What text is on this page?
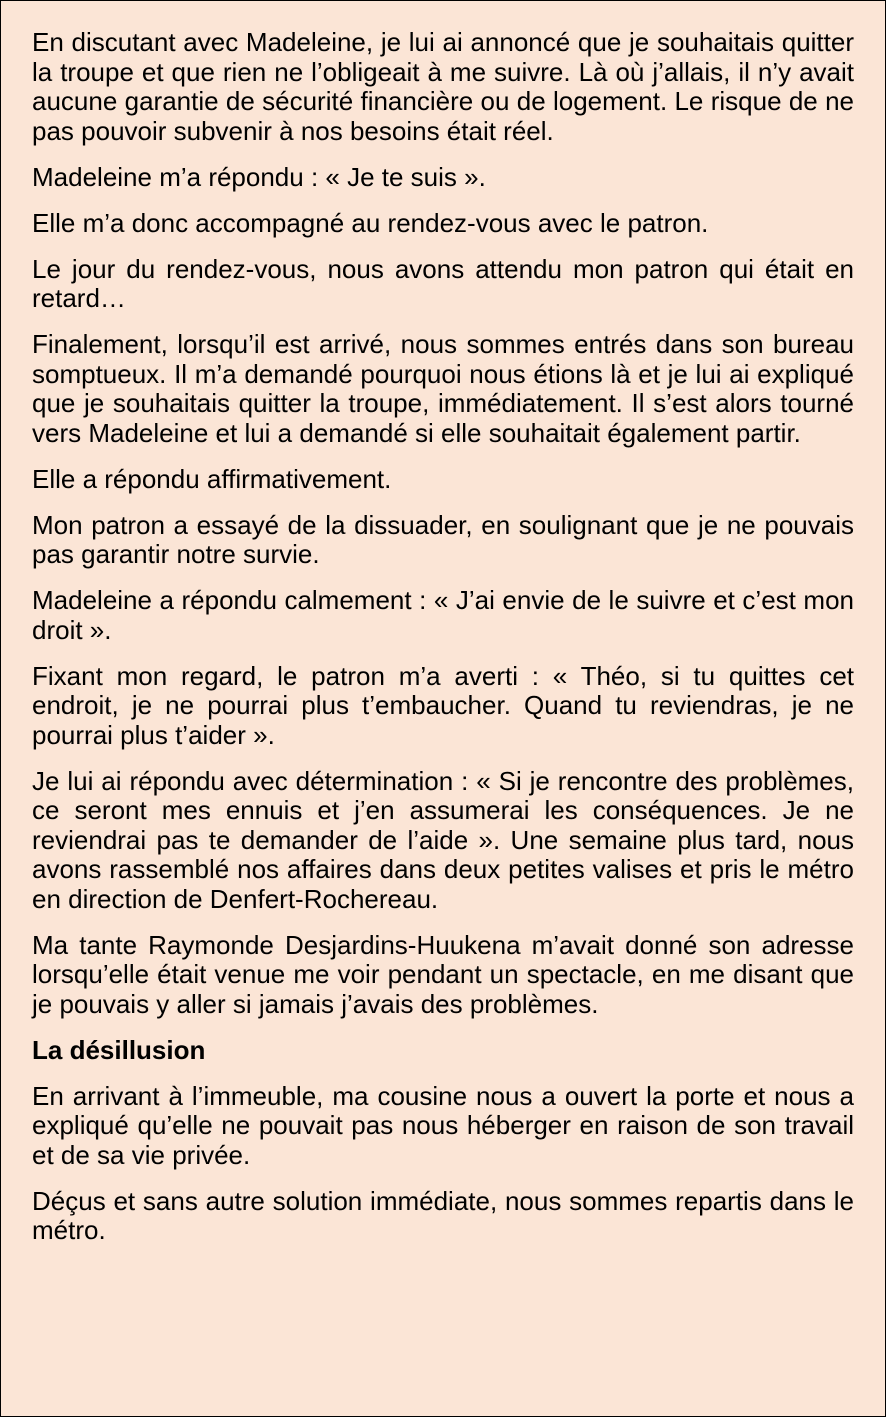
En discutant avec Madeleine, je lui ai annoncé que je souhaitais quitter la troupe et que rien ne l’obligeait à me suivre. Là où j’allais, il n’y avait aucune garantie de sécurité financière ou de logement. Le risque de ne pas pouvoir subvenir à nos besoins était réel.

Madeleine m’a répondu : « Je te suis ».

Elle m’a donc accompagné au rendez-vous avec le patron.

Le jour du rendez-vous, nous avons attendu mon patron qui était en retard…

Finalement, lorsqu’il est arrivé, nous sommes entrés dans son bureau somptueux. Il m’a demandé pourquoi nous étions là et je lui ai expliqué que je souhaitais quitter la troupe, immédiatement. Il s’est alors tourné vers Madeleine et lui a demandé si elle souhaitait également partir.

Elle a répondu affirmativement.

Mon patron a essayé de la dissuader, en soulignant que je ne pouvais pas garantir notre survie.

Madeleine a répondu calmement : « J’ai envie de le suivre et c’est mon droit ».

Fixant mon regard, le patron m’a averti : « Théo, si tu quittes cet endroit, je ne pourrai plus t’embaucher. Quand tu reviendras, je ne pourrai plus t’aider ».

Je lui ai répondu avec détermination : « Si je rencontre des problèmes, ce seront mes ennuis et j’en assumerai les conséquences. Je ne reviendrai pas te demander de l’aide ». Une semaine plus tard, nous avons rassemblé nos affaires dans deux petites valises et pris le métro en direction de Denfert-Rochereau.

Ma tante Raymonde Desjardins-Huukena m’avait donné son adresse lorsqu’elle était venue me voir pendant un spectacle, en me disant que je pouvais y aller si jamais j’avais des problèmes.

La désillusion

En arrivant à l’immeuble, ma cousine nous a ouvert la porte et nous a expliqué qu’elle ne pouvait pas nous héberger en raison de son travail et de sa vie privée.

Déçus et sans autre solution immédiate, nous sommes repartis dans le métro.
